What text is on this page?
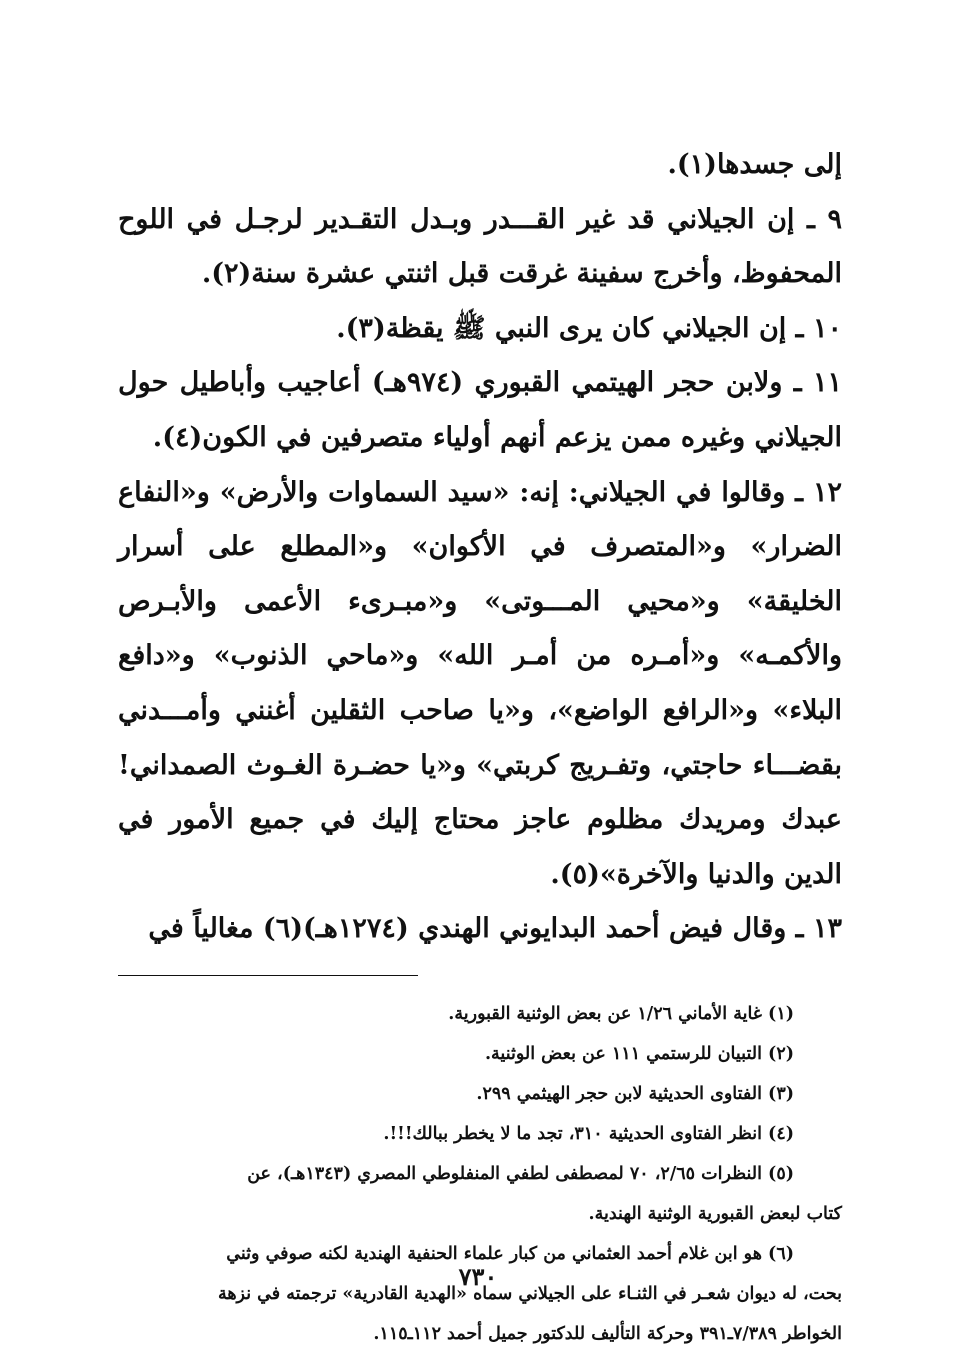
إلى جسدها(١).

٩ ـ إن الجيلاني قد غير القـــدر وبـدل التقـدير لرجـل في اللوح المحفوظ، وأخرج سفينة غرقت قبل اثنتي عشرة سنة(٢).

١٠ ـ إن الجيلاني كان يرى النبي ﷺ يقظة(٣).

١١ ـ ولابن حجر الهيتمي القبوري (٩٧٤هـ) أعاجيب وأباطيل حول الجيلاني وغيره ممن يزعم أنهم أولياء متصرفين في الكون(٤).

١٢ ـ وقالوا في الجيلاني: إنه: «سيد السماوات والأرض» و«النفاع الضرار» و«المتصرف في الأكوان» و«المطلع على أسرار الخليقة» و«محيي المـــوتى» و«مبـرىء الأعمى والأبـرص والأكمـه» و«أمـره من أمـر الله» و«ماحي الذنوب» و«دافع البلاء» و«الرافع الواضع»، و«يا صاحب الثقلين أغنني وأمـــدني بقضـــاء حاجتي، وتفـريج كربتي» و«يا حضـرة الغـوث الصمداني! عبدك ومريدك مظلوم عاجز محتاج إليك في جميع الأمور في الدين والدنيا والآخرة»(٥).

١٣ ـ وقال فيض أحمد البدايوني الهندي (١٢٧٤هـ)(٦) مغالياً في

(١) غاية الأماني ١/٢٦ عن بعض الوثنية القبورية.

(٢) التبيان للرستمي ١١١ عن بعض الوثنية.

(٣) الفتاوى الحديثية لابن حجر الهيثمي ٢٩٩.

(٤) انظر الفتاوى الحديثية ٣١٠، تجد ما لا يخطر ببالك!!!.

(٥) النظرات ٢/٦٥، ٧٠ لمصطفى لطفي المنفلوطي المصري (١٣٤٣هـ)، عن

كتاب لبعض القبورية الوثنية الهندية.

(٦) هو ابن غلام أحمد العثماني من كبار علماء الحنفية الهندية لكنه صوفي وثني

بحت، له ديوان شعـر في الثنـاء على الجيلاني سماه «الهدية القادرية» ترجمته في نزهة

الخواطر ٧/٣٨٩ـ٣٩١ وحركة التأليف للدكتور جميل أحمد ١١٢ـ١١٥.

٧٣٠
